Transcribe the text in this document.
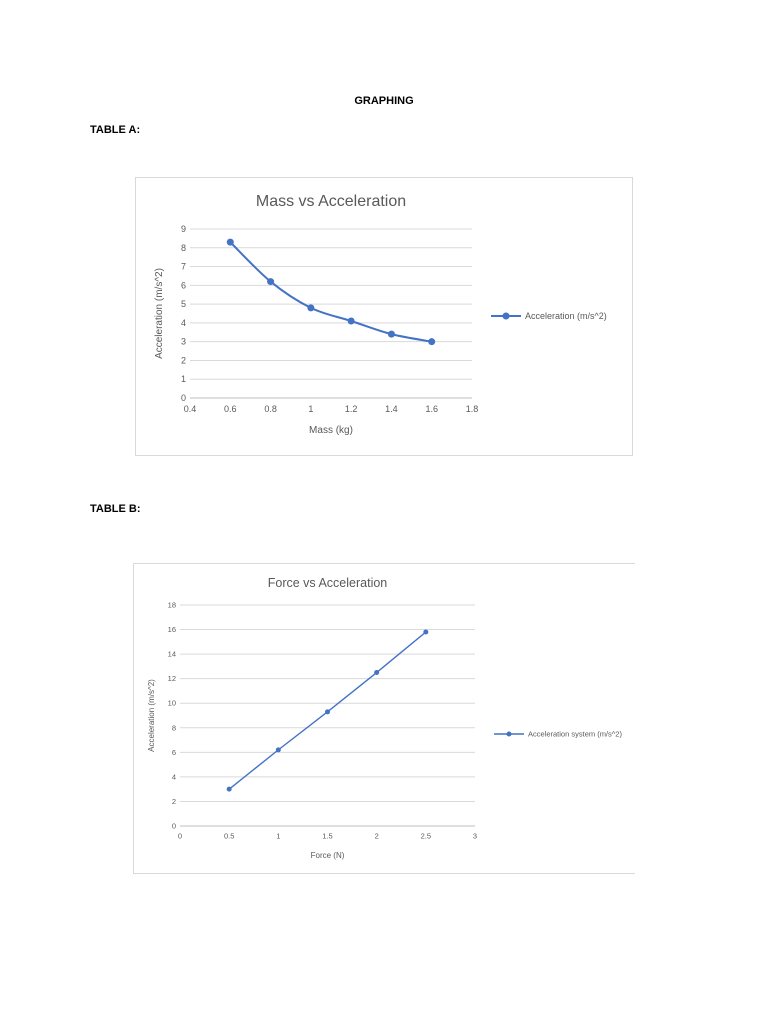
GRAPHING
TABLE A:
TABLE B:
Mass vs Acceleration
0
1
2
3
4
5
6
7
8
9
0.4	0.6	0.8	1	1.2	1.4	1.6	1.8
Mass (kg)
Acceleration (m/s^2)	Acceleration (m/s^2)
Force vs Acceleration
0
2
4
6
8
10
12
14
16
18
0	0.5	1	1.5	2	2.5	3
Force (N)
Acceleration (m/s^2)	Acceleration system (m/s^2)
